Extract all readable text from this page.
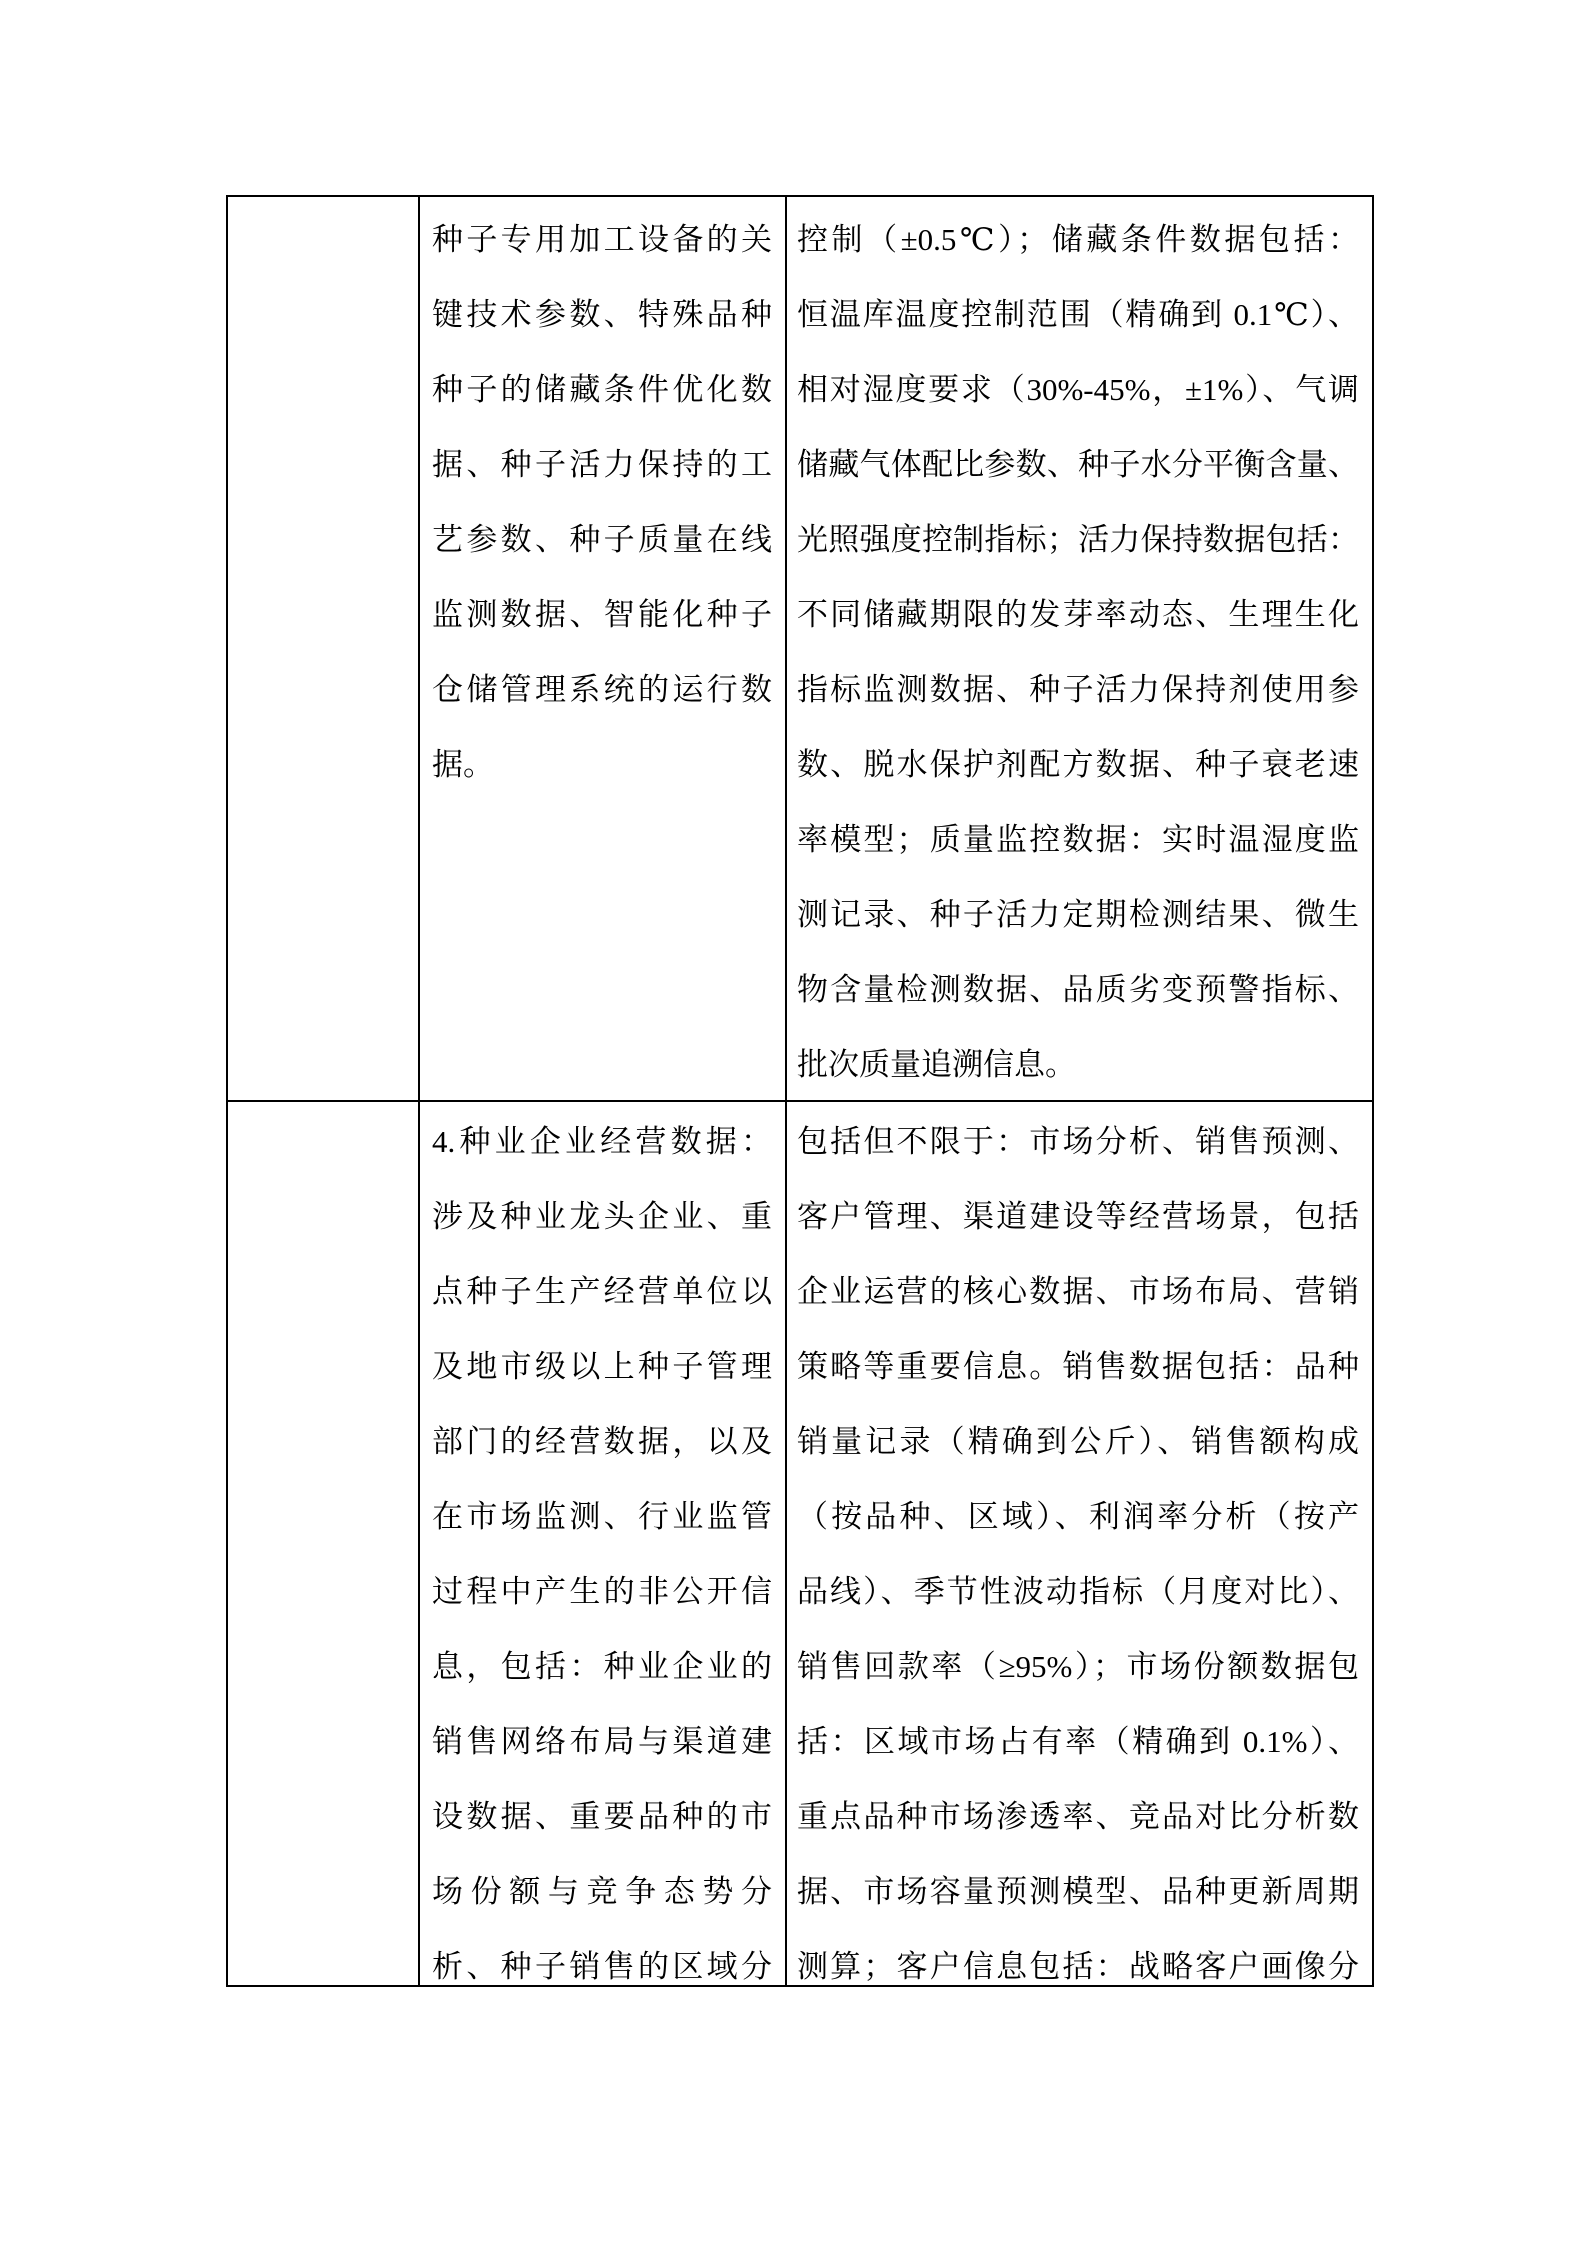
种子专用加工设备的关
键技术参数、特殊品种
种子的储藏条件优化数
据、种子活力保持的工
艺参数、种子质量在线
监测数据、智能化种子
仓储管理系统的运行数
据。
控制（±0.5℃）；储藏条件数据包括：
恒温库温度控制范围（精确到 0.1℃）、
相对湿度要求（30%-45%，±1%）、气调
储藏气体配比参数、种子水分平衡含量、
光照强度控制指标；活力保持数据包括：
不同储藏期限的发芽率动态、生理生化
指标监测数据、种子活力保持剂使用参
数、脱水保护剂配方数据、种子衰老速
率模型；质量监控数据：实时温湿度监
测记录、种子活力定期检测结果、微生
物含量检测数据、品质劣变预警指标、
批次质量追溯信息。
4.种业企业经营数据：
涉及种业龙头企业、重
点种子生产经营单位以
及地市级以上种子管理
部门的经营数据，以及
在市场监测、行业监管
过程中产生的非公开信
息，包括：种业企业的
销售网络布局与渠道建
设数据、重要品种的市
场份额与竞争态势分
析、种子销售的区域分
包括但不限于：市场分析、销售预测、
客户管理、渠道建设等经营场景，包括
企业运营的核心数据、市场布局、营销
策略等重要信息。销售数据包括：品种
销量记录（精确到公斤）、销售额构成
（按品种、区域）、利润率分析（按产
品线）、季节性波动指标（月度对比）、
销售回款率（≥95%）；市场份额数据包
括：区域市场占有率（精确到 0.1%）、
重点品种市场渗透率、竞品对比分析数
据、市场容量预测模型、品种更新周期
测算；客户信息包括：战略客户画像分
